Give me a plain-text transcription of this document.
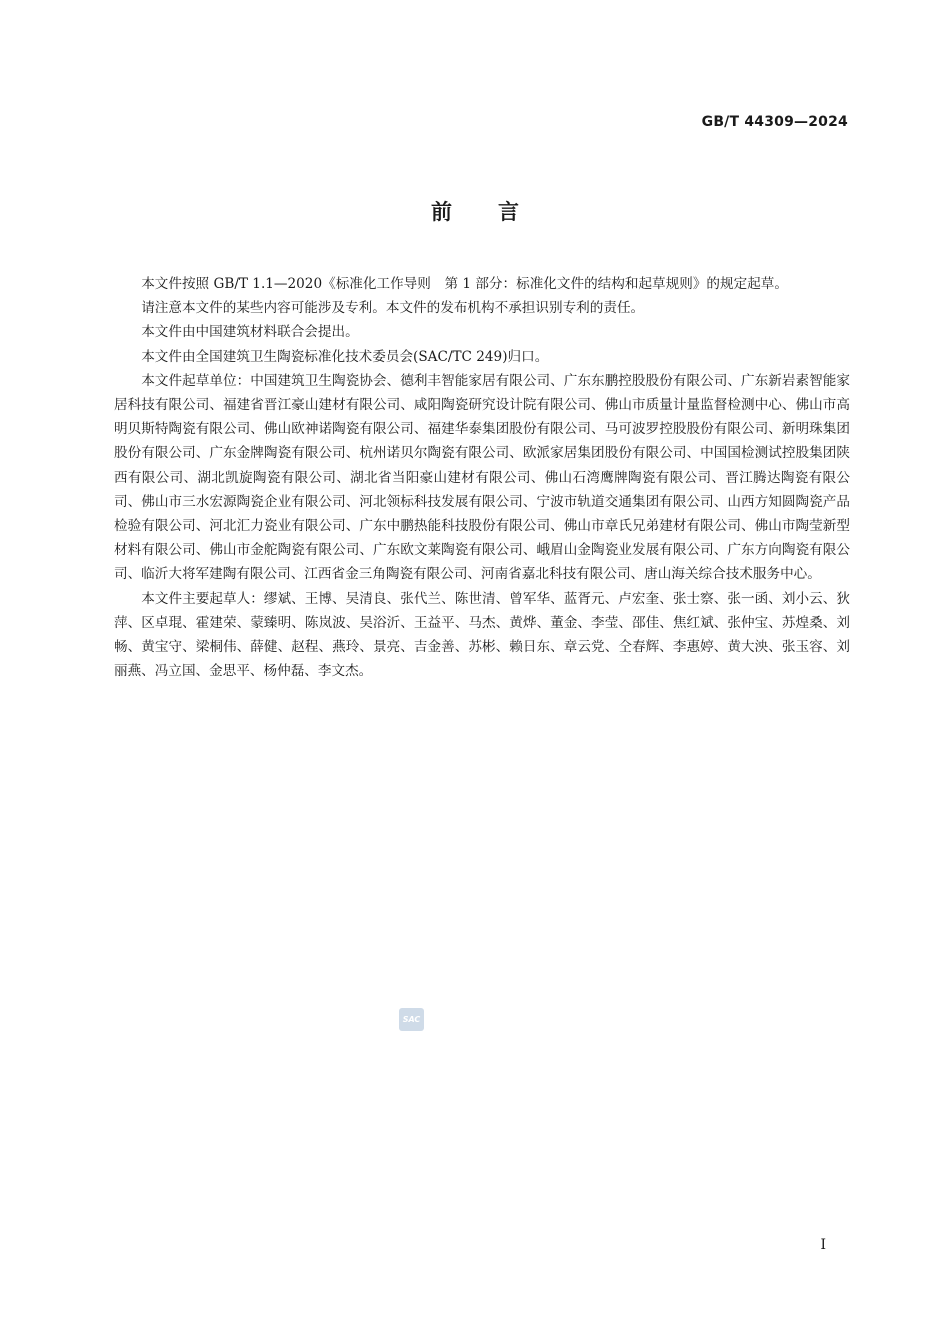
GB/T 44309—2024
前言

本文件按照 GB/T 1.1—2020《标准化工作导则　第 1 部分：标准化文件的结构和起草规则》的规定起草。

请注意本文件的某些内容可能涉及专利。本文件的发布机构不承担识别专利的责任。

本文件由中国建筑材料联合会提出。

本文件由全国建筑卫生陶瓷标准化技术委员会(SAC/TC 249)归口。

本文件起草单位：中国建筑卫生陶瓷协会、德利丰智能家居有限公司、广东东鹏控股股份有限公司、广东新岩素智能家居科技有限公司、福建省晋江豪山建材有限公司、咸阳陶瓷研究设计院有限公司、佛山市质量计量监督检测中心、佛山市高明贝斯特陶瓷有限公司、佛山欧神诺陶瓷有限公司、福建华泰集团股份有限公司、马可波罗控股股份有限公司、新明珠集团股份有限公司、广东金牌陶瓷有限公司、杭州诺贝尔陶瓷有限公司、欧派家居集团股份有限公司、中国国检测试控股集团陕西有限公司、湖北凯旋陶瓷有限公司、湖北省当阳豪山建材有限公司、佛山石湾鹰牌陶瓷有限公司、晋江腾达陶瓷有限公司、佛山市三水宏源陶瓷企业有限公司、河北领标科技发展有限公司、宁波市轨道交通集团有限公司、山西方知圆陶瓷产品检验有限公司、河北汇力瓷业有限公司、广东中鹏热能科技股份有限公司、佛山市章氏兄弟建材有限公司、佛山市陶莹新型材料有限公司、佛山市金舵陶瓷有限公司、广东欧文莱陶瓷有限公司、峨眉山金陶瓷业发展有限公司、广东方向陶瓷有限公司、临沂大将军建陶有限公司、江西省金三角陶瓷有限公司、河南省嘉北科技有限公司、唐山海关综合技术服务中心。

本文件主要起草人：缪斌、王博、吴清良、张代兰、陈世清、曾军华、蓝胥元、卢宏奎、张士察、张一函、刘小云、狄萍、区卓琨、霍建荣、蒙臻明、陈岚波、吴浴沂、王益平、马杰、黄烨、董金、李莹、邵佳、焦红斌、张仲宝、苏煌桑、刘畅、黄宝守、梁桐伟、薛健、赵程、燕玲、景亮、吉金善、苏彬、赖日东、章云党、仝春辉、李惠婷、黄大泱、张玉容、刘丽燕、冯立国、金思平、杨仲磊、李文杰。

SAC
I
